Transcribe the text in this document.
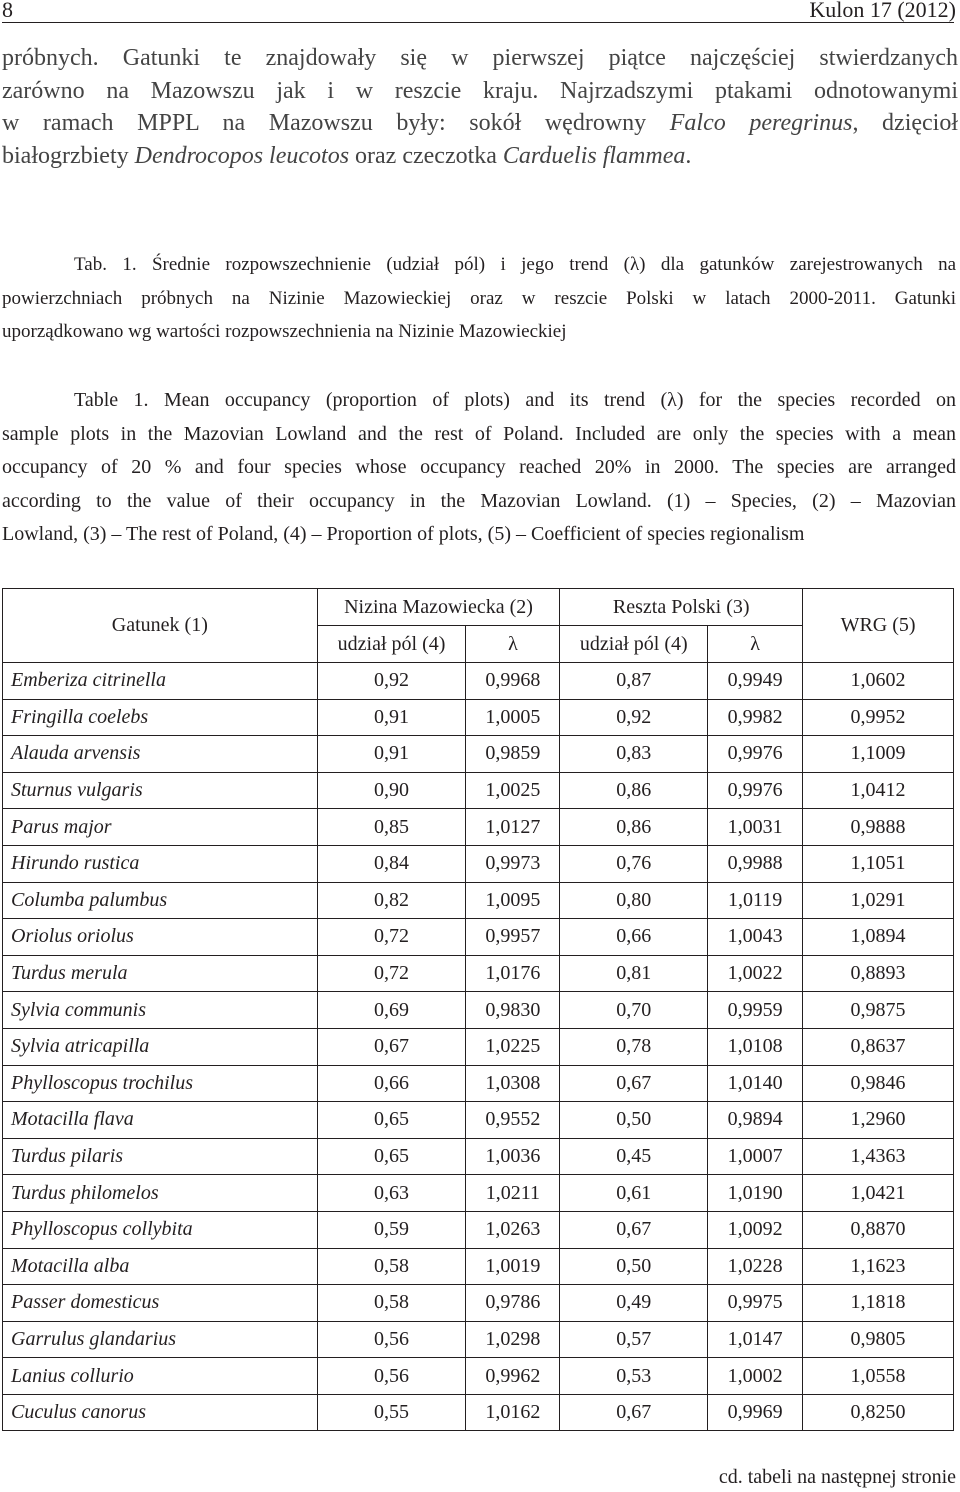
8	Kulon 17 (2012)
próbnych. Gatunki te znajdowały się w pierwszej piątce najczęściej stwierdzanych
zarówno na Mazowszu jak i w reszcie kraju. Najrzadszymi ptakami odnotowanymi
w ramach MPPL na Mazowszu były: sokół wędrowny Falco peregrinus, dzięcioł
białogrzbiety Dendrocopos leucotos oraz czeczotka Carduelis flammea.
Tab. 1. Średnie rozpowszechnienie (udział pól) i jego trend (λ) dla gatunków zarejestrowanych na
powierzchniach próbnych na Nizinie Mazowieckiej oraz w reszcie Polski w latach 2000-2011. Gatunki
uporządkowano wg wartości rozpowszechnienia na Nizinie Mazowieckiej
Table 1. Mean occupancy (proportion of plots) and its trend (λ) for the species recorded on
sample plots in the Mazovian Lowland and the rest of Poland. Included are only the species with a mean
occupancy of 20 % and four species whose occupancy reached 20% in 2000. The species are arranged
according to the value of their occupancy in the Mazovian Lowland. (1) – Species, (2) – Mazovian
Lowland, (3) – The rest of Poland, (4) – Proportion of plots, (5) – Coefficient of species regionalism
Gatunek (1)	Nizina Mazowiecka (2)		Reszta Polski (3)		WRG (5)
	udział pól (4)	λ	udział pól (4)	λ	
Emberiza citrinella	0,92	0,9968	0,87	0,9949	1,0602
Fringilla coelebs	0,91	1,0005	0,92	0,9982	0,9952
Alauda arvensis	0,91	0,9859	0,83	0,9976	1,1009
Sturnus vulgaris	0,90	1,0025	0,86	0,9976	1,0412
Parus major	0,85	1,0127	0,86	1,0031	0,9888
Hirundo rustica	0,84	0,9973	0,76	0,9988	1,1051
Columba palumbus	0,82	1,0095	0,80	1,0119	1,0291
Oriolus oriolus	0,72	0,9957	0,66	1,0043	1,0894
Turdus merula	0,72	1,0176	0,81	1,0022	0,8893
Sylvia communis	0,69	0,9830	0,70	0,9959	0,9875
Sylvia atricapilla	0,67	1,0225	0,78	1,0108	0,8637
Phylloscopus trochilus	0,66	1,0308	0,67	1,0140	0,9846
Motacilla flava	0,65	0,9552	0,50	0,9894	1,2960
Turdus pilaris	0,65	1,0036	0,45	1,0007	1,4363
Turdus philomelos	0,63	1,0211	0,61	1,0190	1,0421
Phylloscopus collybita	0,59	1,0263	0,67	1,0092	0,8870
Motacilla alba	0,58	1,0019	0,50	1,0228	1,1623
Passer domesticus	0,58	0,9786	0,49	0,9975	1,1818
Garrulus glandarius	0,56	1,0298	0,57	1,0147	0,9805
Lanius collurio	0,56	0,9962	0,53	1,0002	1,0558
Cuculus canorus	0,55	1,0162	0,67	0,9969	0,8250
cd. tabeli na następnej stronie
